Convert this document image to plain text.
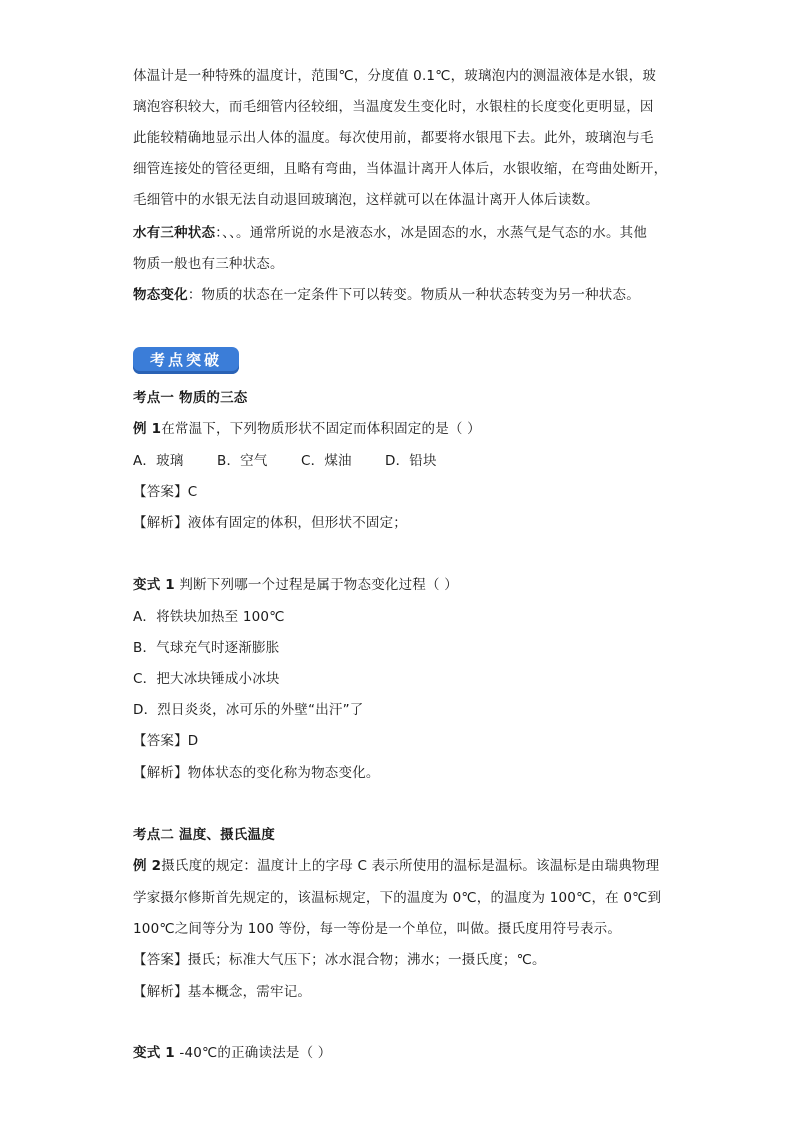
体温计是一种特殊的温度计，范围℃，分度值 0.1℃，玻璃泡内的测温液体是水银，玻
璃泡容积较大，而毛细管内径较细，当温度发生变化时，水银柱的长度变化更明显，因
此能较精确地显示出人体的温度。每次使用前，都要将水银甩下去。此外，玻璃泡与毛
细管连接处的管径更细，且略有弯曲，当体温计离开人体后，水银收缩，在弯曲处断开，
毛细管中的水银无法自动退回玻璃泡，这样就可以在体温计离开人体后读数。
水有三种状态：、、。通常所说的水是液态水，冰是固态的水，水蒸气是气态的水。其他
物质一般也有三种状态。
物态变化：物质的状态在一定条件下可以转变。物质从一种状态转变为另一种状态。
考点突破
考点一 物质的三态
例 1在常温下，下列物质形状不固定而体积固定的是（ ）
A．玻璃 B．空气 C．煤油 D．铅块
【答案】C
【解析】液体有固定的体积，但形状不固定；
变式 1 判断下列哪一个过程是属于物态变化过程（ ）
A．将铁块加热至 100℃
B．气球充气时逐渐膨胀
C．把大冰块锤成小冰块
D．烈日炎炎，冰可乐的外壁“出汗”了
【答案】D
【解析】物体状态的变化称为物态变化。
考点二 温度、摄氏温度
例 2摄氏度的规定：温度计上的字母 C 表示所使用的温标是温标。该温标是由瑞典物理
学家摄尔修斯首先规定的，该温标规定，下的温度为 0℃，的温度为 100℃，在 0℃到
100℃之间等分为 100 等份，每一等份是一个单位，叫做。摄氏度用符号表示。
【答案】摄氏；标准大气压下；冰水混合物；沸水；一摄氏度；℃。
【解析】基本概念，需牢记。
变式 1 -40℃的正确读法是（ ）
